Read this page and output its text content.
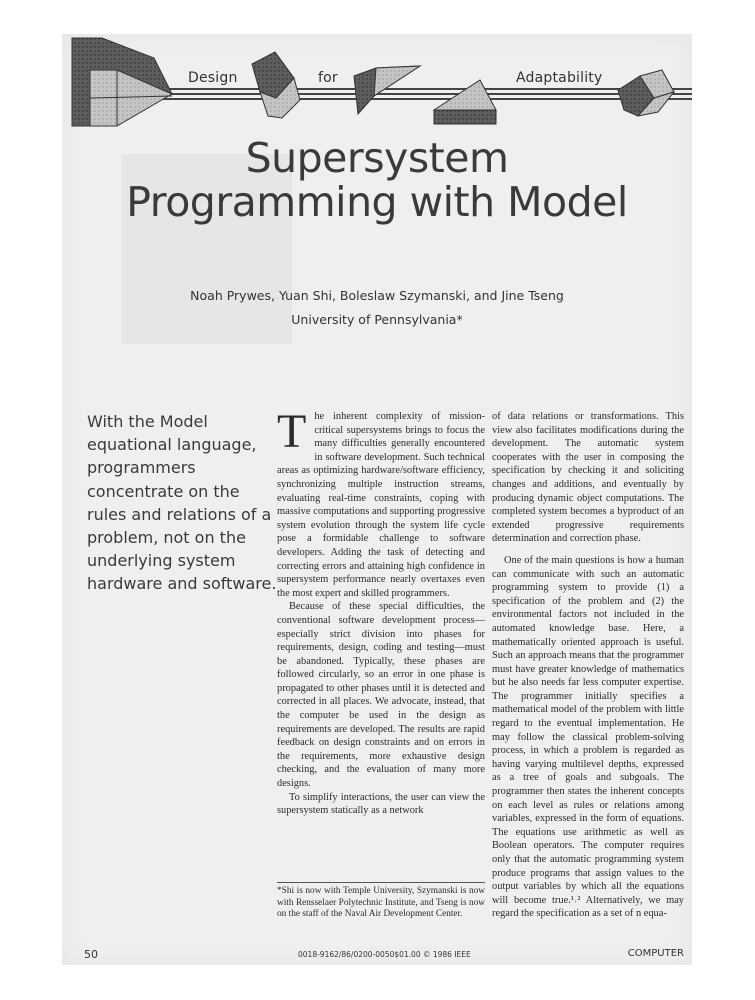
Design	for	Adaptability
Supersystem
Programming with Model
Noah Prywes, Yuan Shi, Boleslaw Szymanski, and Jine Tseng
University of Pennsylvania*
With the Model equational language, programmers concentrate on the rules and relations of a problem, not on the underlying system hardware and software.

The inherent complexity of mission-critical supersystems brings to focus the many difficulties generally encountered in software development. Such technical areas as optimizing hardware/software efficiency, synchronizing multiple instruction streams, evaluating real-time constraints, coping with massive computations and supporting progressive system evolution through the system life cycle pose a formidable challenge to software developers. Adding the task of detecting and correcting errors and attaining high confidence in supersystem performance nearly overtaxes even the most expert and skilled programmers.

Because of these special difficulties, the conventional software development process—especially strict division into phases for requirements, design, coding and testing—must be abandoned. Typically, these phases are followed circularly, so an error in one phase is propagated to other phases until it is detected and corrected in all places. We advocate, instead, that the computer be used in the design as requirements are developed. The results are rapid feedback on design constraints and on errors in the requirements, more exhaustive design checking, and the evaluation of many more designs.

To simplify interactions, the user can view the supersystem statically as a network

*Shi is now with Temple University, Szymanski is now with Rensselaer Polytechnic Institute, and Tseng is now on the staff of the Naval Air Development Center.

of data relations or transformations. This view also facilitates modifications during the development. The automatic system cooperates with the user in composing the specification by checking it and soliciting changes and additions, and eventually by producing dynamic object computations. The completed system becomes a byproduct of an extended progressive requirements determination and correction phase.

One of the main questions is how a human can communicate with such an automatic programming system to provide (1) a specification of the problem and (2) the environmental factors not included in the automated knowledge base. Here, a mathematically oriented approach is useful. Such an approach means that the programmer must have greater knowledge of mathematics but he also needs far less computer expertise. The programmer initially specifies a mathematical model of the problem with little regard to the eventual implementation. He may follow the classical problem-solving process, in which a problem is regarded as having varying multilevel depths, expressed as a tree of goals and subgoals. The programmer then states the inherent concepts on each level as rules or relations among variables, expressed in the form of equations. The equations use arithmetic as well as Boolean operators. The computer requires only that the automatic programming system produce programs that assign values to the output variables by which all the equations will become true.¹˒² Alternatively, we may regard the specification as a set of n equa-

50	0018-9162/86/0200-0050$01.00 © 1986 IEEE	COMPUTER
